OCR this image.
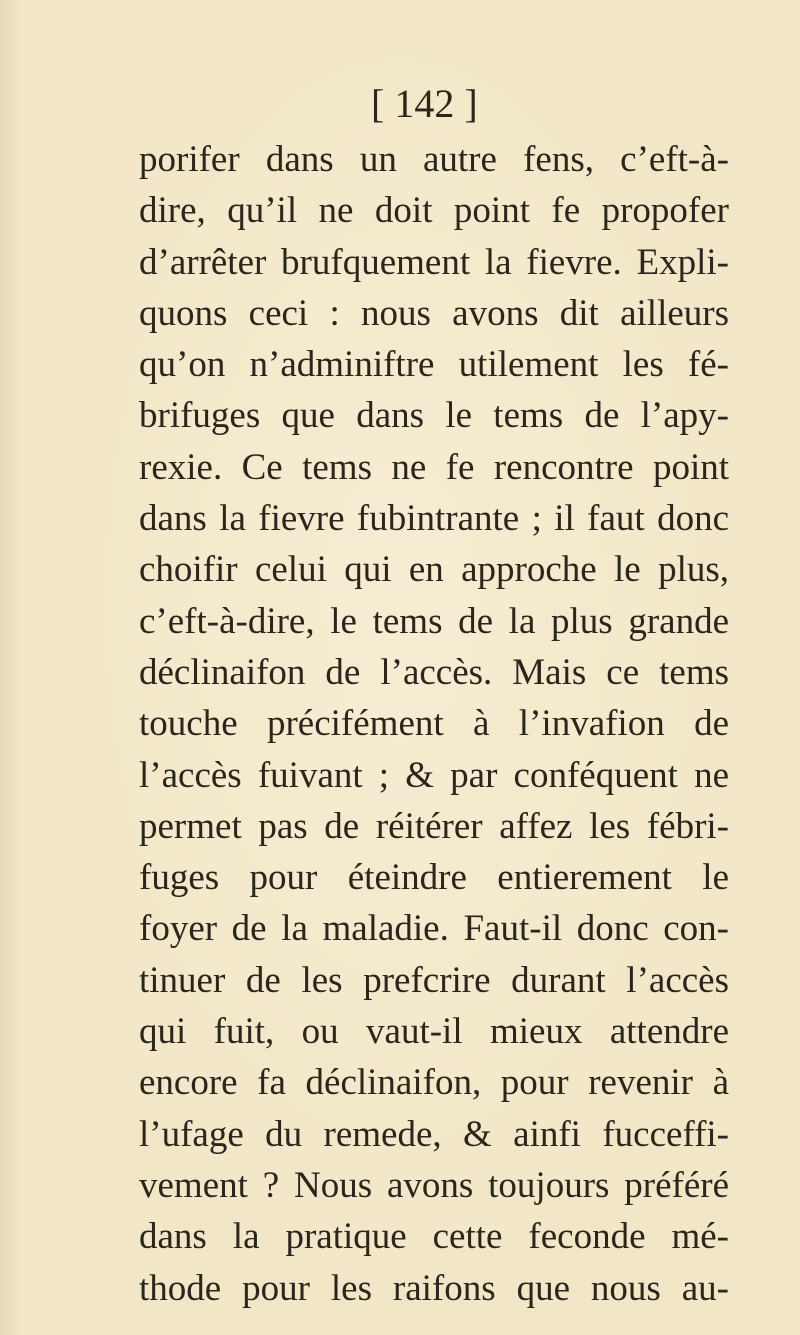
[ 142 ]
porifer dans un autre fens, c’eft-à-
dire, qu’il ne doit point fe propofer
d’arrêter brufquement la fievre. Expli-
quons ceci : nous avons dit ailleurs
qu’on n’adminiftre utilement les fé-
brifuges que dans le tems de l’apy-
rexie. Ce tems ne fe rencontre point
dans la fievre fubintrante ; il faut donc
choifir celui qui en approche le plus,
c’eft-à-dire, le tems de la plus grande
déclinaifon de l’accès. Mais ce tems
touche précifément à l’invafion de
l’accès fuivant ; & par conféquent ne
permet pas de réitérer affez les fébri-
fuges pour éteindre entierement le
foyer de la maladie. Faut-il donc con-
tinuer de les prefcrire durant l’accès
qui fuit, ou vaut-il mieux attendre
encore fa déclinaifon, pour revenir à
l’ufage du remede, & ainfi fucceffi-
vement ? Nous avons toujours préféré
dans la pratique cette feconde mé-
thode pour les raifons que nous au-
